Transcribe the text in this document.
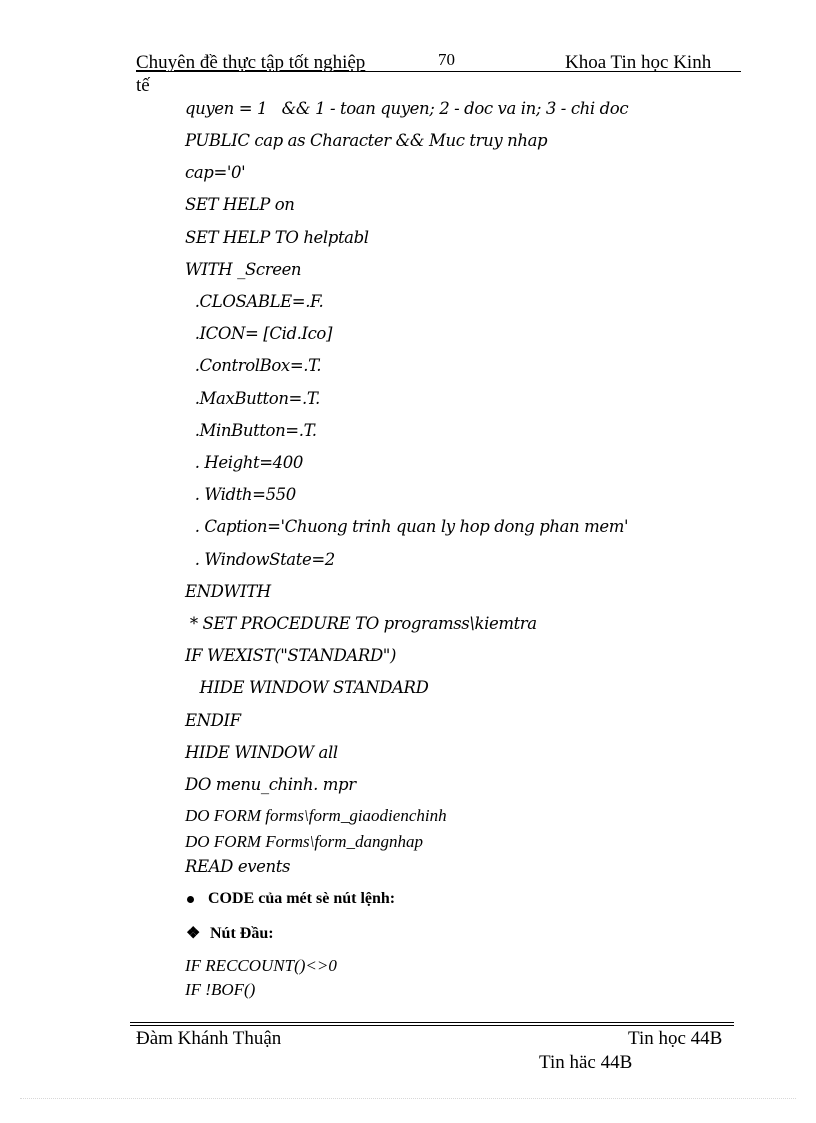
Chuyên đề thực tập tốt nghiệp	70	Khoa Tin học Kinh
tế
quyen = 1   && 1 - toan quyen; 2 - doc va in; 3 - chi doc
PUBLIC cap as Character && Muc truy nhap
cap='0'
SET HELP on
SET HELP TO helptabl
WITH _Screen
.CLOSABLE=.F.
.ICON= [Cid.Ico]
.ControlBox=.T.
.MaxButton=.T.
.MinButton=.T.
. Height=400
. Width=550
. Caption='Chuong trinh quan ly hop dong phan mem'
. WindowState=2
ENDWITH
* SET PROCEDURE TO programss\kiemtra
IF WEXIST("STANDARD")
HIDE WINDOW STANDARD
ENDIF
HIDE WINDOW all
DO menu_chinh. mpr
DO FORM forms\form_giaodienchinh
DO FORM Forms\form_dangnhap
READ events
CODE của mét sè nút lệnh:
❖ Nút Đầu:
IF RECCOUNT()<>0
IF !BOF()
Đàm Khánh Thuận	Tin học 44B
Tin häc 44B
